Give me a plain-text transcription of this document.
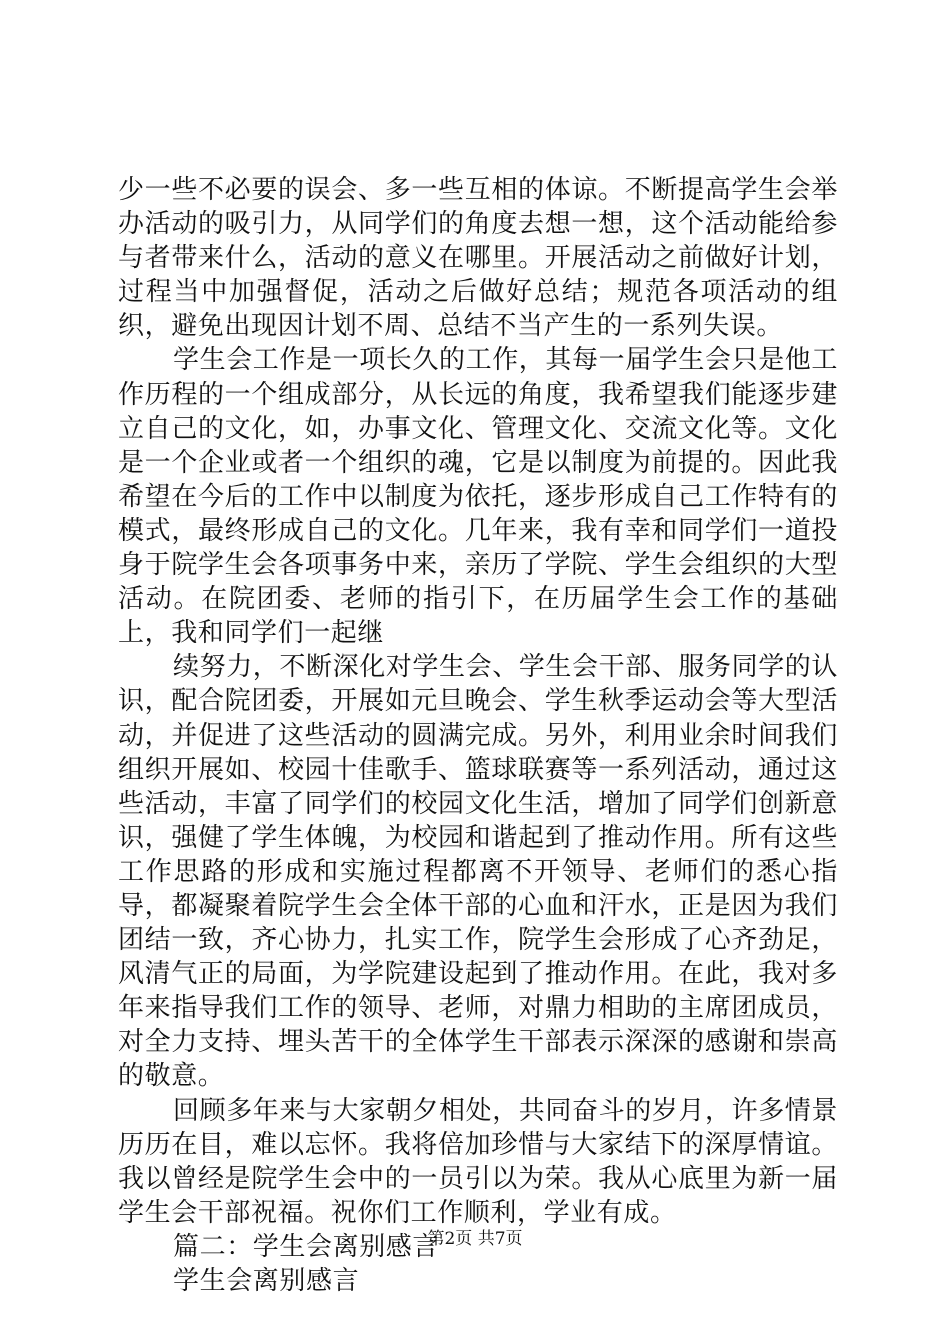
少一些不必要的误会、多一些互相的体谅。不断提高学生会举办活动的吸引力，从同学们的角度去想一想，这个活动能给参与者带来什么，活动的意义在哪里。开展活动之前做好计划，过程当中加强督促，活动之后做好总结；规范各项活动的组织，避免出现因计划不周、总结不当产生的一系列失误。

学生会工作是一项长久的工作，其每一届学生会只是他工作历程的一个组成部分，从长远的角度，我希望我们能逐步建立自己的文化，如，办事文化、管理文化、交流文化等。文化是一个企业或者一个组织的魂，它是以制度为前提的。因此我希望在今后的工作中以制度为依托，逐步形成自己工作特有的模式，最终形成自己的文化。几年来，我有幸和同学们一道投身于院学生会各项事务中来，亲历了学院、学生会组织的大型活动。在院团委、老师的指引下，在历届学生会工作的基础上，我和同学们一起继

续努力，不断深化对学生会、学生会干部、服务同学的认识，配合院团委，开展如元旦晚会、学生秋季运动会等大型活动，并促进了这些活动的圆满完成。另外，利用业余时间我们组织开展如、校园十佳歌手、篮球联赛等一系列活动，通过这些活动，丰富了同学们的校园文化生活，增加了同学们创新意识，强健了学生体魄，为校园和谐起到了推动作用。所有这些工作思路的形成和实施过程都离不开领导、老师们的悉心指导，都凝聚着院学生会全体干部的心血和汗水，正是因为我们团结一致，齐心协力，扎实工作，院学生会形成了心齐劲足，风清气正的局面，为学院建设起到了推动作用。在此，我对多年来指导我们工作的领导、老师，对鼎力相助的主席团成员，对全力支持、埋头苦干的全体学生干部表示深深的感谢和崇高的敬意。

回顾多年来与大家朝夕相处，共同奋斗的岁月，许多情景历历在目，难以忘怀。我将倍加珍惜与大家结下的深厚情谊。我以曾经是院学生会中的一员引以为荣。我从心底里为新一届学生会干部祝福。祝你们工作顺利，学业有成。

篇二：学生会离别感言

学生会离别感言

第2页 共7页
